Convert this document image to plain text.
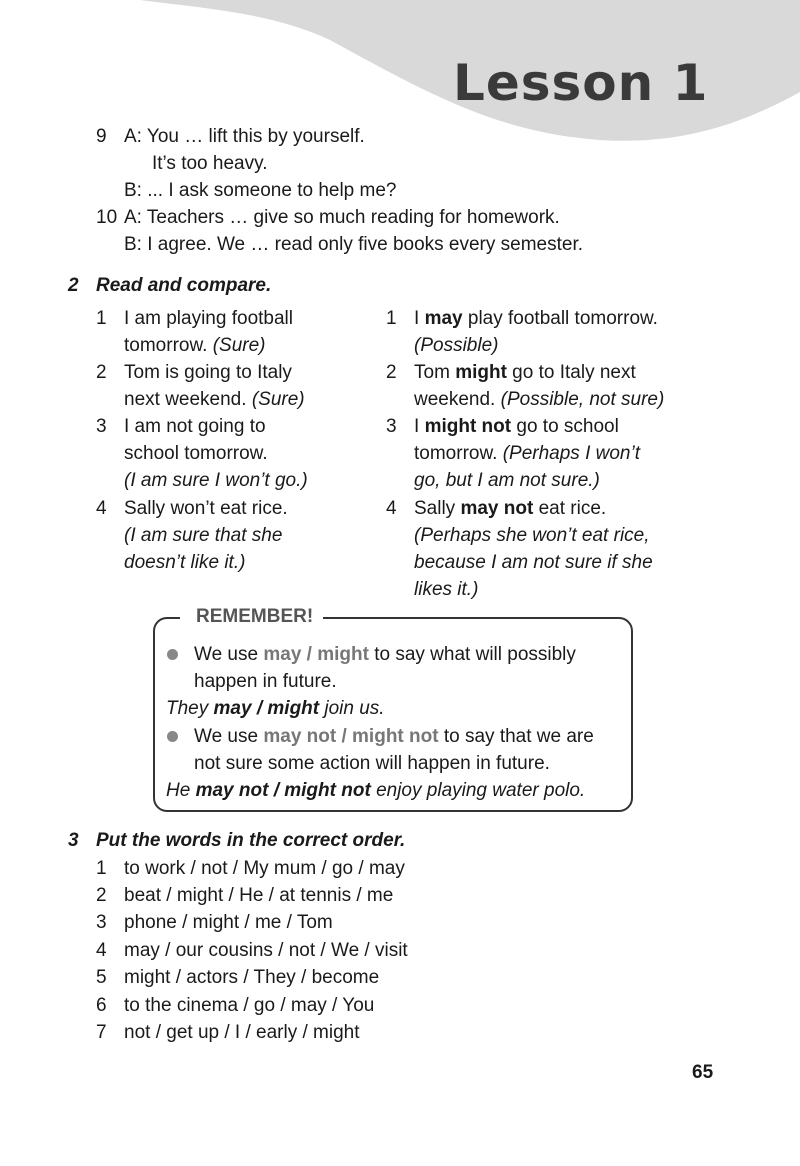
Lesson 1
9 A: You … lift this by yourself.
It’s too heavy.
B: ... I ask someone to help me?
10 A: Teachers … give so much reading for homework.
B: I agree. We … read only five books every semester.
2 Read and compare.
1 I am playing football
tomorrow. (Sure)
2 Tom is going to Italy
next weekend. (Sure)
3 I am not going to
school tomorrow.
(I am sure I won’t go.)
4 Sally won’t eat rice.
(I am sure that she
doesn’t like it.)
1 I may play football tomorrow.
(Possible)
2 Tom might go to Italy next
weekend. (Possible, not sure)
3 I might not go to school
tomorrow. (Perhaps I won’t
go, but I am not sure.)
4 Sally may not eat rice.
(Perhaps she won’t eat rice,
because I am not sure if she
likes it.)
REMEMBER!
We use may / might to say what will possibly
happen in future.
They may / might join us.
We use may not / might not to say that we are
not sure some action will happen in future.
He may not / might not enjoy playing water polo.
3 Put the words in the correct order.
1 to work / not / My mum / go / may
2 beat / might / He / at tennis / me
3 phone / might / me / Tom
4 may / our cousins / not / We / visit
5 might / actors / They / become
6 to the cinema / go / may / You
7 not / get up / I / early / might
65
